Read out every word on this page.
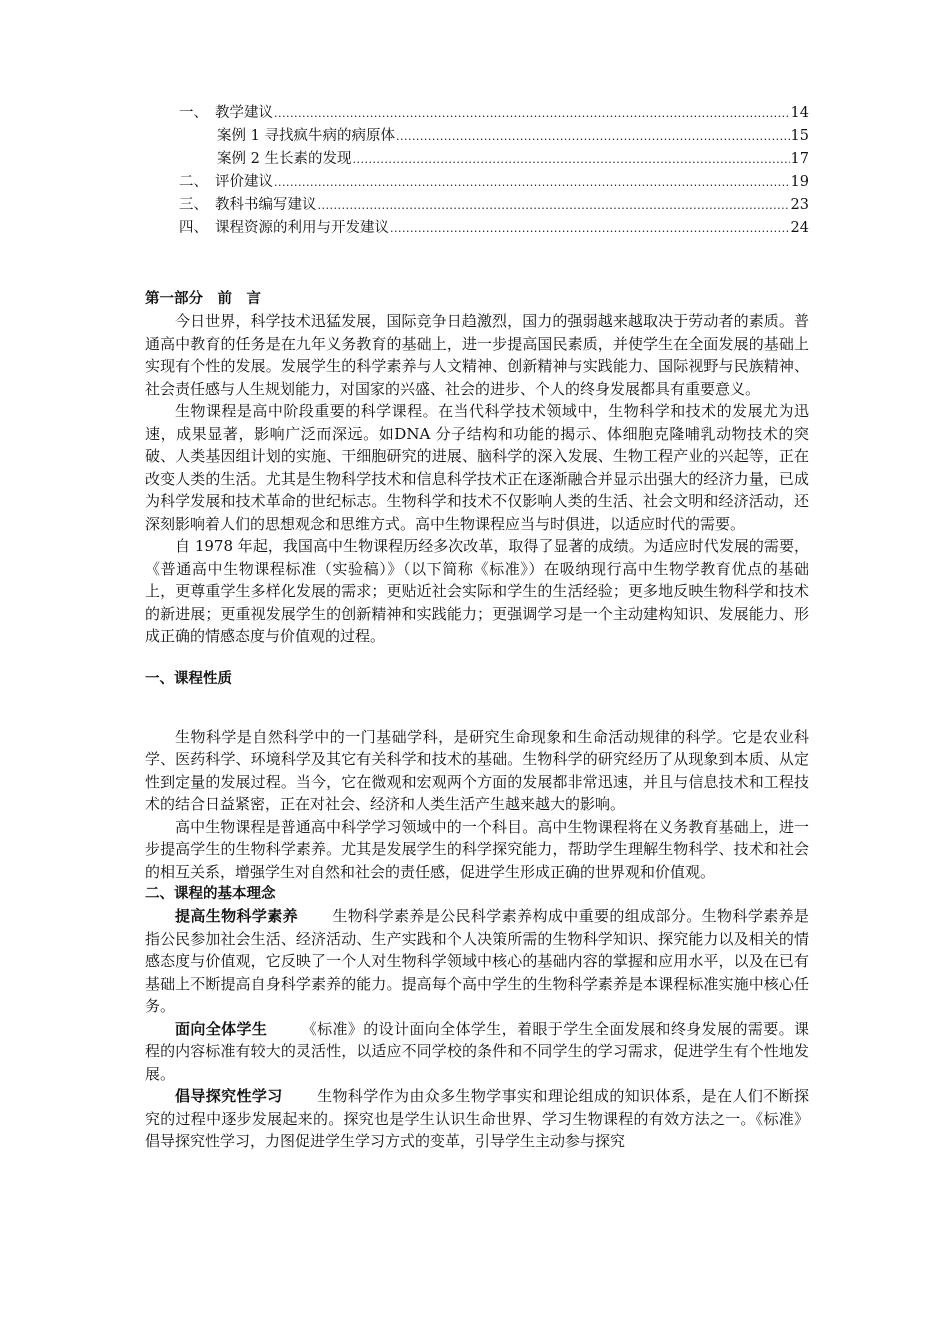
一、 教学建议 .....	14
案例 1 寻找疯牛病的病原体 .....	15
案例 2 生长素的发现 .....	17
二、 评价建议 .....	19
三、 教科书编写建议 .....	23
四、 课程资源的利用与开发建议 .....	24
第一部分　前　言

今日世界，科学技术迅猛发展，国际竞争日趋激烈，国力的强弱越来越取决于劳动者的素质。普通高中教育的任务是在九年义务教育的基础上，进一步提高国民素质，并使学生在全面发展的基础上实现有个性的发展。发展学生的科学素养与人文精神、创新精神与实践能力、国际视野与民族精神、社会责任感与人生规划能力，对国家的兴盛、社会的进步、个人的终身发展都具有重要意义。

生物课程是高中阶段重要的科学课程。在当代科学技术领域中，生物科学和技术的发展尤为迅速，成果显著，影响广泛而深远。如DNA 分子结构和功能的揭示、体细胞克隆哺乳动物技术的突破、人类基因组计划的实施、干细胞研究的进展、脑科学的深入发展、生物工程产业的兴起等，正在改变人类的生活。尤其是生物科学技术和信息科学技术正在逐渐融合并显示出强大的经济力量，已成为科学发展和技术革命的世纪标志。生物科学和技术不仅影响人类的生活、社会文明和经济活动，还深刻影响着人们的思想观念和思维方式。高中生物课程应当与时俱进，以适应时代的需要。

自 1978 年起，我国高中生物课程历经多次改革，取得了显著的成绩。为适应时代发展的需要，《普通高中生物课程标准（实验稿）》（以下简称《标准》）在吸纳现行高中生物学教育优点的基础上，更尊重学生多样化发展的需求；更贴近社会实际和学生的生活经验；更多地反映生物科学和技术的新进展；更重视发展学生的创新精神和实践能力；更强调学习是一个主动建构知识、发展能力、形成正确的情感态度与价值观的过程。

一、课程性质

生物科学是自然科学中的一门基础学科，是研究生命现象和生命活动规律的科学。它是农业科学、医药科学、环境科学及其它有关科学和技术的基础。生物科学的研究经历了从现象到本质、从定性到定量的发展过程。当今，它在微观和宏观两个方面的发展都非常迅速，并且与信息技术和工程技术的结合日益紧密，正在对社会、经济和人类生活产生越来越大的影响。

高中生物课程是普通高中科学学习领域中的一个科目。高中生物课程将在义务教育基础上，进一步提高学生的生物科学素养。尤其是发展学生的科学探究能力，帮助学生理解生物科学、技术和社会的相互关系，增强学生对自然和社会的责任感，促进学生形成正确的世界观和价值观。

二、课程的基本理念

提高生物科学素养 生物科学素养是公民科学素养构成中重要的组成部分。生物科学素养是指公民参加社会生活、经济活动、生产实践和个人决策所需的生物科学知识、探究能力以及相关的情感态度与价值观，它反映了一个人对生物科学领域中核心的基础内容的掌握和应用水平，以及在已有基础上不断提高自身科学素养的能力。提高每个高中学生的生物科学素养是本课程标准实施中核心任务。

面向全体学生 《标准》的设计面向全体学生，着眼于学生全面发展和终身发展的需要。课程的内容标准有较大的灵活性，以适应不同学校的条件和不同学生的学习需求，促进学生有个性地发展。

倡导探究性学习 生物科学作为由众多生物学事实和理论组成的知识体系，是在人们不断探究的过程中逐步发展起来的。探究也是学生认识生命世界、学习生物课程的有效方法之一。《标准》倡导探究性学习，力图促进学生学习方式的变革，引导学生主动参与探究
